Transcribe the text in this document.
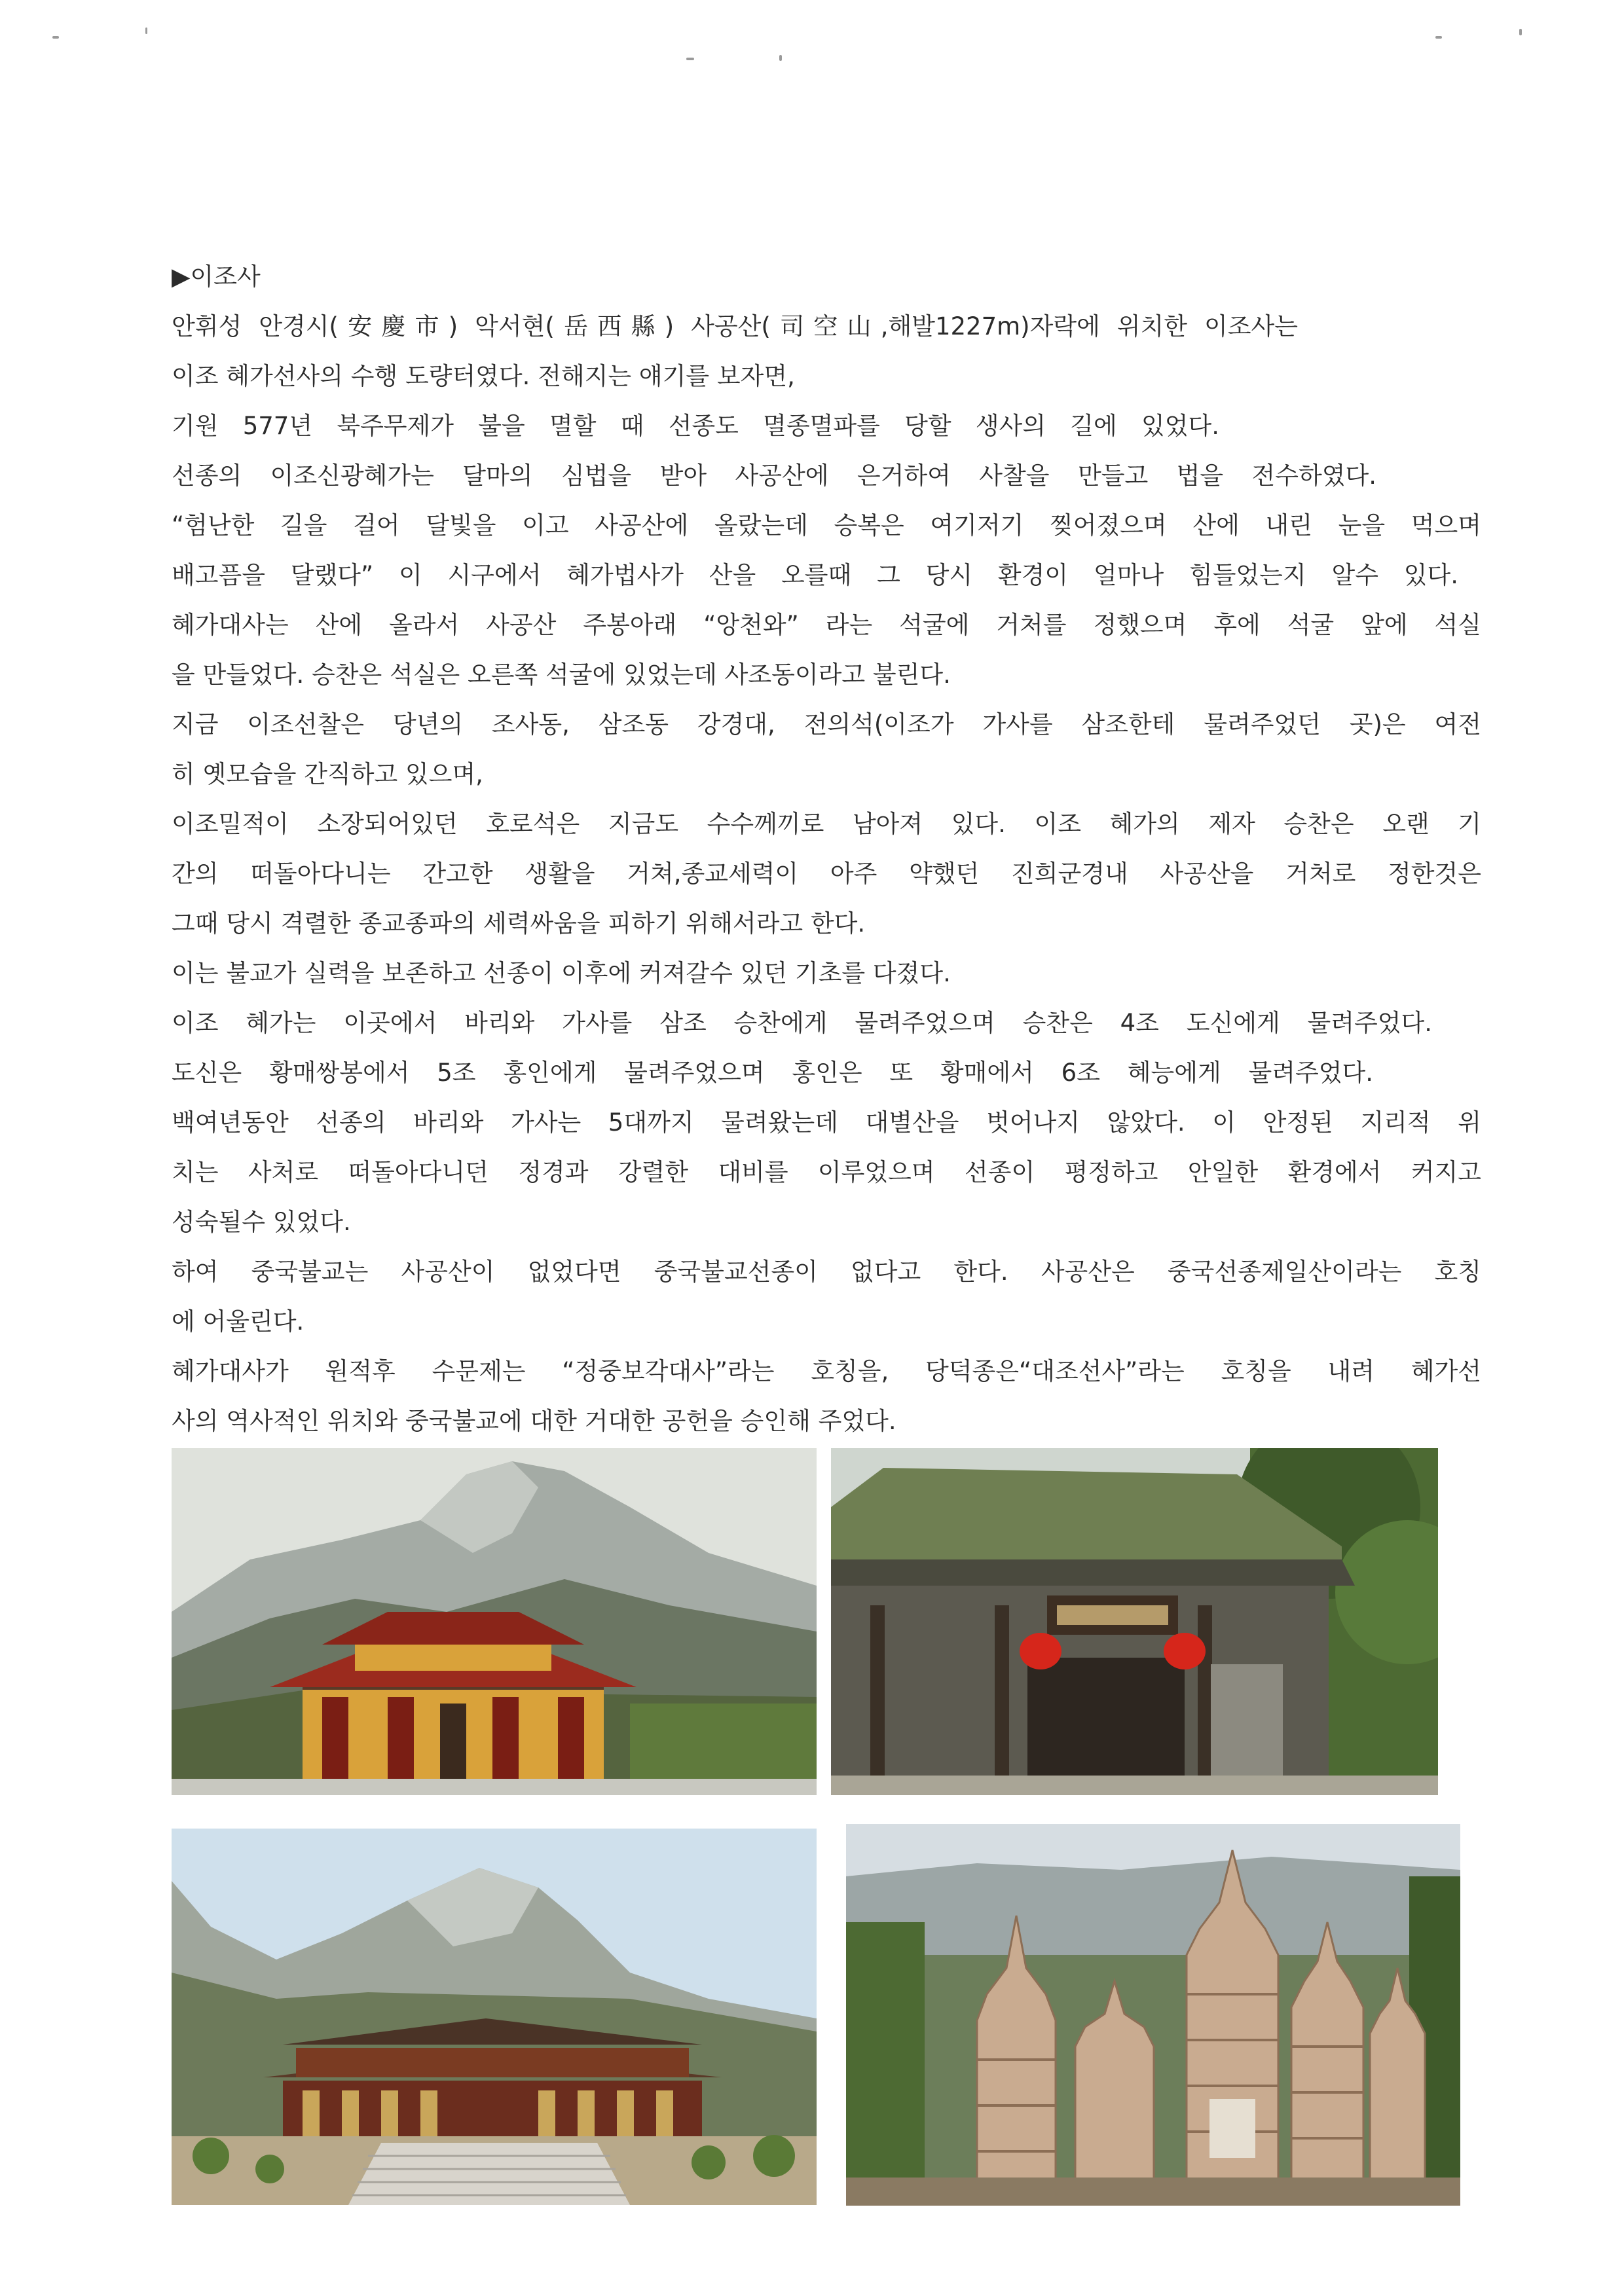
▶이조사
안휘성 안경시(安慶市) 악서현(岳西縣) 사공산(司空山,해발1227m)자락에 위치한 이조사는
이조 혜가선사의 수행 도량터였다. 전해지는 얘기를 보자면,
기원 577년 북주무제가 불을 멸할 때 선종도 멸종멸파를 당할 생사의 길에 있었다.
선종의 이조신광혜가는 달마의 심법을 받아 사공산에 은거하여 사찰을 만들고 법을 전수하였다.
“험난한 길을 걸어 달빛을 이고 사공산에 올랐는데 승복은 여기저기 찢어졌으며 산에 내린 눈을 먹으며
배고픔을 달랬다” 이 시구에서 혜가법사가 산을 오를때 그 당시 환경이 얼마나 힘들었는지 알수 있다.
혜가대사는 산에 올라서 사공산 주봉아래 “앙천와” 라는 석굴에 거처를 정했으며 후에 석굴 앞에 석실
을 만들었다. 승찬은 석실은 오른쪽 석굴에 있었는데 사조동이라고 불린다.
지금 이조선찰은 당년의 조사동, 삼조동 강경대, 전의석(이조가 가사를 삼조한테 물려주었던 곳)은 여전
히 옛모습을 간직하고 있으며,
이조밀적이 소장되어있던 호로석은 지금도 수수께끼로 남아져 있다. 이조 혜가의 제자 승찬은 오랜 기
간의 떠돌아다니는 간고한 생활을 거쳐,종교세력이 아주 약했던 진희군경내 사공산을 거처로 정한것은
그때 당시 격렬한 종교종파의 세력싸움을 피하기 위해서라고 한다.
이는 불교가 실력을 보존하고 선종이 이후에 커져갈수 있던 기초를 다졌다.
이조 혜가는 이곳에서 바리와 가사를 삼조 승찬에게 물려주었으며 승찬은 4조 도신에게 물려주었다.
도신은 황매쌍봉에서 5조 홍인에게 물려주었으며 홍인은 또 황매에서 6조 혜능에게 물려주었다.
백여년동안 선종의 바리와 가사는 5대까지 물려왔는데 대별산을 벗어나지 않았다. 이 안정된 지리적 위
치는 사처로 떠돌아다니던 정경과 강렬한 대비를 이루었으며 선종이 평정하고 안일한 환경에서 커지고
성숙될수 있었다.
하여 중국불교는 사공산이 없었다면 중국불교선종이 없다고 한다. 사공산은 중국선종제일산이라는 호칭
에 어울린다.
혜가대사가 원적후 수문제는 “정중보각대사”라는 호칭을, 당덕종은“대조선사”라는 호칭을 내려 혜가선
사의 역사적인 위치와 중국불교에 대한 거대한 공헌을 승인해 주었다.
